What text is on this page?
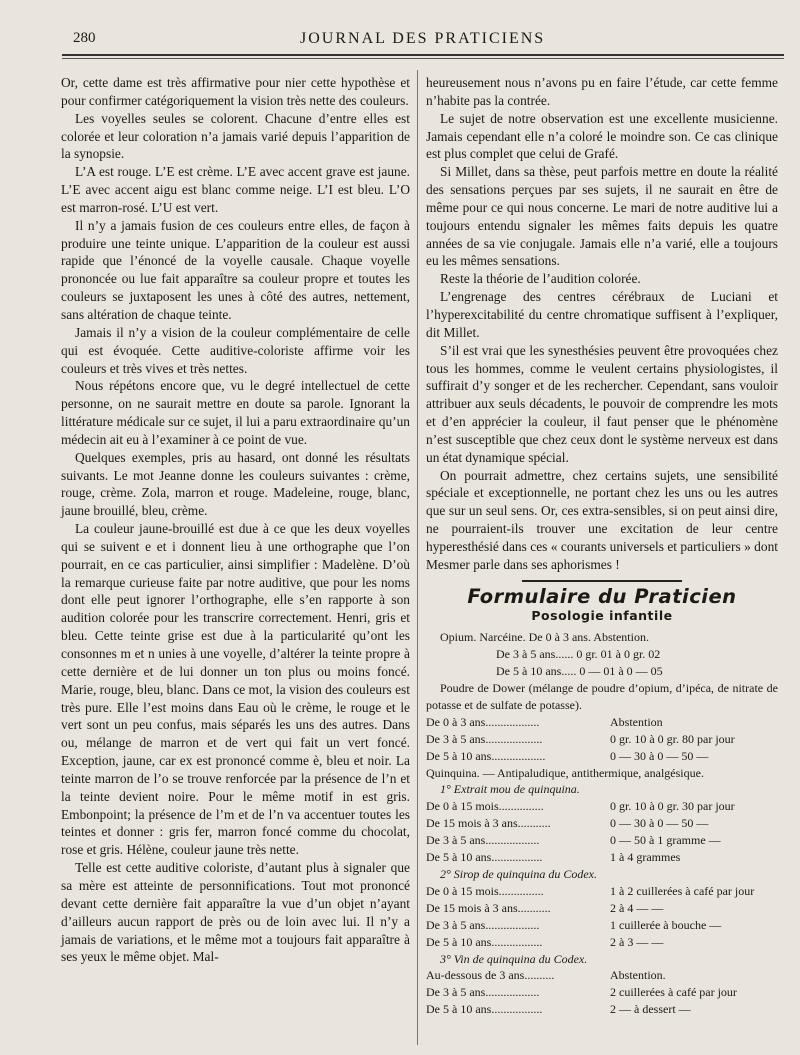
280	JOURNAL DES PRATICIENS

Or, cette dame est très affirmative pour nier cette hypothèse et pour confirmer catégoriquement la vision très nette des couleurs.

Les voyelles seules se colorent. Chacune d’entre elles est colorée et leur coloration n’a jamais varié depuis l’apparition de la synopsie.

L’A est rouge. L’E est crème. L’E avec accent grave est jaune. L’E avec accent aigu est blanc comme neige. L’I est bleu. L’O est marron-rosé. L’U est vert.

Il n’y a jamais fusion de ces couleurs entre elles, de façon à produire une teinte unique. L’apparition de la couleur est aussi rapide que l’énoncé de la voyelle causale. Chaque voyelle prononcée ou lue fait apparaître sa couleur propre et toutes les couleurs se juxtaposent les unes à côté des autres, nettement, sans altération de chaque teinte.

Jamais il n’y a vision de la couleur complémentaire de celle qui est évoquée. Cette auditive-coloriste affirme voir les couleurs et très vives et très nettes.

Nous répétons encore que, vu le degré intellectuel de cette personne, on ne saurait mettre en doute sa parole. Ignorant la littérature médicale sur ce sujet, il lui a paru extraordinaire qu’un médecin ait eu à l’examiner à ce point de vue.

Quelques exemples, pris au hasard, ont donné les résultats suivants. Le mot Jeanne donne les couleurs suivantes : crème, rouge, crème. Zola, marron et rouge. Madeleine, rouge, blanc, jaune brouillé, bleu, crème.

La couleur jaune-brouillé est due à ce que les deux voyelles qui se suivent e et i donnent lieu à une orthographe que l’on pourrait, en ce cas particulier, ainsi simplifier : Madelène. D’où la remarque curieuse faite par notre auditive, que pour les noms dont elle peut ignorer l’orthographe, elle s’en rapporte à son audition colorée pour les transcrire correctement. Henri, gris et bleu. Cette teinte grise est due à la particularité qu’ont les consonnes m et n unies à une voyelle, d’altérer la teinte propre à cette dernière et de lui donner un ton plus ou moins foncé. Marie, rouge, bleu, blanc. Dans ce mot, la vision des couleurs est très pure. Elle l’est moins dans Eau où le crème, le rouge et le vert sont un peu confus, mais séparés les uns des autres. Dans ou, mélange de marron et de vert qui fait un vert foncé. Exception, jaune, car ex est prononcé comme è, bleu et noir. La teinte marron de l’o se trouve renforcée par la présence de l’n et la teinte devient noire. Pour le même motif in est gris. Embonpoint; la présence de l’m et de l’n va accentuer toutes les teintes et donner : gris fer, marron foncé comme du chocolat, rose et gris. Hélène, couleur jaune très nette.

Telle est cette auditive coloriste, d’autant plus à signaler que sa mère est atteinte de personnifications. Tout mot prononcé devant cette dernière fait apparaître la vue d’un objet n’ayant d’ailleurs aucun rapport de près ou de loin avec lui. Il n’y a jamais de variations, et le même mot a toujours fait apparaître à ses yeux le même objet. Mal-

heureusement nous n’avons pu en faire l’étude, car cette femme n’habite pas la contrée.

Le sujet de notre observation est une excellente musicienne. Jamais cependant elle n’a coloré le moindre son. Ce cas clinique est plus complet que celui de Grafé.

Si Millet, dans sa thèse, peut parfois mettre en doute la réalité des sensations perçues par ses sujets, il ne saurait en être de même pour ce qui nous concerne. Le mari de notre auditive lui a toujours entendu signaler les mêmes faits depuis les quatre années de sa vie conjugale. Jamais elle n’a varié, elle a toujours eu les mêmes sensations.

Reste la théorie de l’audition colorée.

L’engrenage des centres cérébraux de Luciani et l’hyperexcitabilité du centre chromatique suffisent à l’expliquer, dit Millet.

S’il est vrai que les synesthésies peuvent être provoquées chez tous les hommes, comme le veulent certains physiologistes, il suffirait d’y songer et de les rechercher. Cependant, sans vouloir attribuer aux seuls décadents, le pouvoir de comprendre les mots et d’en apprécier la couleur, il faut penser que le phénomène n’est susceptible que chez ceux dont le système nerveux est dans un état dynamique spécial.

On pourrait admettre, chez certains sujets, une sensibilité spéciale et exceptionnelle, ne portant chez les uns ou les autres que sur un seul sens. Or, ces extra-sensibles, si on peut ainsi dire, ne pourraient-ils trouver une excitation de leur centre hyperesthésié dans ces « courants universels et particuliers » dont Mesmer parle dans ses aphorismes !

Formulaire du Praticien
Posologie infantile

Opium. Narcéine. De 0 à 3 ans. Abstention.

De 3 à 5 ans...... 0 gr. 01 à 0 gr. 02

De 5 à 10 ans..... 0 — 01 à 0 — 05

Poudre de Dower (mélange de poudre d’opium, d’ipéca, de nitrate de potasse et de sulfate de potasse).

De 0 à 3 ans..................	Abstention
De 3 à 5 ans...................	0 gr. 10 à 0 gr. 80 par jour
De 5 à 10 ans..................	0 — 30 à 0 — 50 —

Quinquina. — Antipaludique, antithermique, analgésique.

1° Extrait mou de quinquina.

De 0 à 15 mois...............	0 gr. 10 à 0 gr. 30 par jour
De 15 mois à 3 ans...........	0 — 30 à 0 — 50 —
De 3 à 5 ans..................	0 — 50 à 1 gramme —
De 5 à 10 ans.................	1 à 4 grammes

2° Sirop de quinquina du Codex.

De 0 à 15 mois...............	1 à 2 cuillerées à café par jour
De 15 mois à 3 ans...........	2 à 4 — —
De 3 à 5 ans..................	1 cuillerée à bouche —
De 5 à 10 ans.................	2 à 3 — —

3° Vin de quinquina du Codex.

Au-dessous de 3 ans..........	Abstention.
De 3 à 5 ans..................	2 cuillerées à café par jour
De 5 à 10 ans.................	2 — à dessert —
